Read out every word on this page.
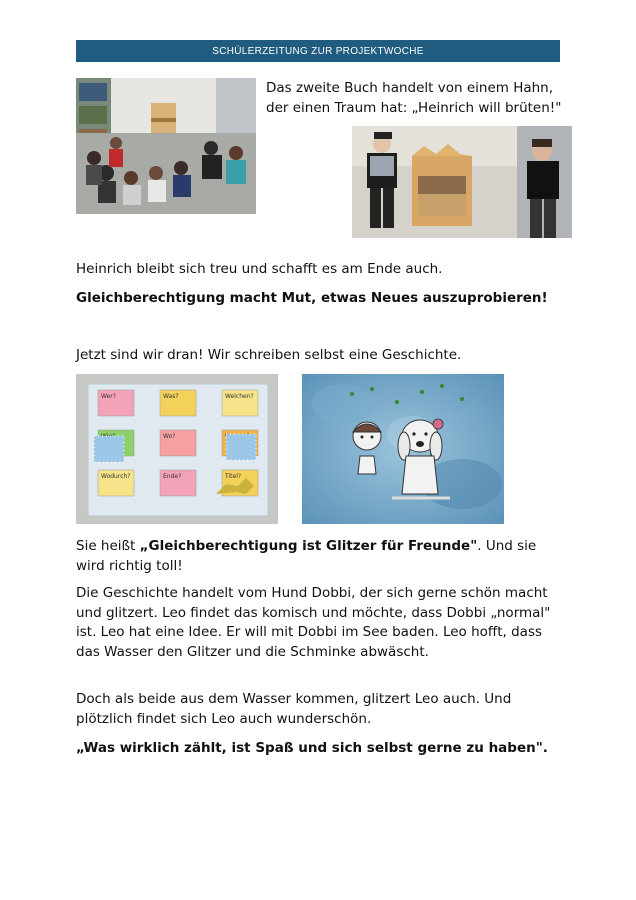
SCHÜLERZEITUNG ZUR PROJEKTWOCHE

Das zweite Buch handelt von einem Hahn, der einen Traum hat: „Heinrich will brüten!"

Heinrich bleibt sich treu und schafft es am Ende auch.

Gleichberechtigung macht Mut, etwas Neues auszuprobieren!

Jetzt sind wir dran! Wir schreiben selbst eine Geschichte.

Wer?	Was?	Welchen?
Wo?
Wodurch?	Ende?	Titel?

Sie heißt „Gleichberechtigung ist Glitzer für Freunde". Und sie wird richtig toll!

Die Geschichte handelt vom Hund Dobbi, der sich gerne schön macht und glitzert. Leo findet das komisch und möchte, dass Dobbi „normal" ist. Leo hat eine Idee. Er will mit Dobbi im See baden. Leo hofft, dass das Wasser den Glitzer und die Schminke abwäscht.

Doch als beide aus dem Wasser kommen, glitzert Leo auch. Und plötzlich findet sich Leo auch wunderschön.

„Was wirklich zählt, ist Spaß und sich selbst gerne zu haben".
